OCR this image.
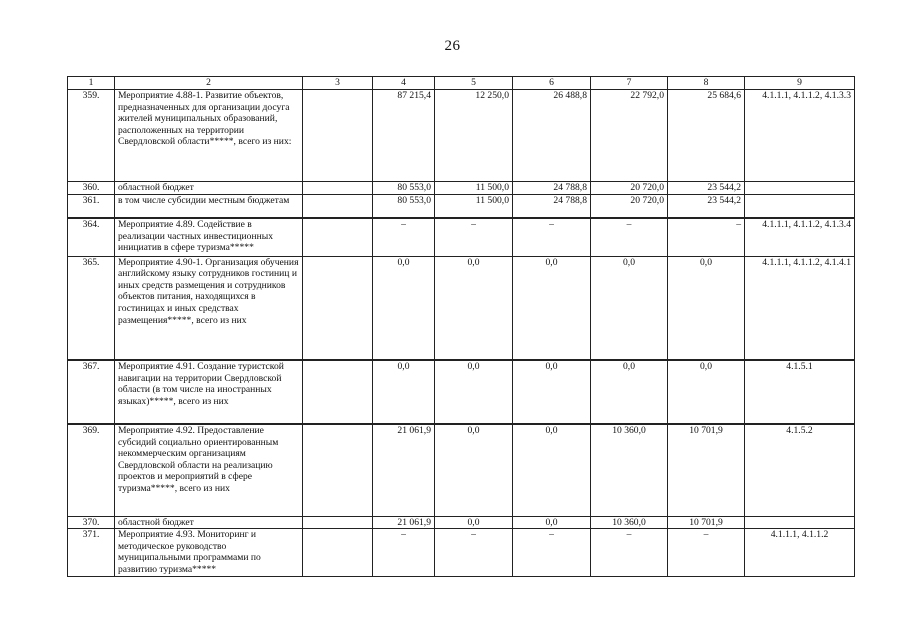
26
1	2	3	4	5	6	7	8	9
359.	Мероприятие 4.88-1. Развитие объектов, предназначенных для организации досуга жителей муниципальных образований, расположенных на территории Свердловской области*****, всего из них:		87 215,4	12 250,0	26 488,8	22 792,0	25 684,6	4.1.1.1, 4.1.1.2, 4.1.3.3
360.	областной бюджет		80 553,0	11 500,0	24 788,8	20 720,0	23 544,2	
361.	в том числе субсидии местным бюджетам		80 553,0	11 500,0	24 788,8	20 720,0	23 544,2	
364.	Мероприятие 4.89. Содействие в реализации частных инвестиционных инициатив в сфере туризма*****		–	–	–	–	–	4.1.1.1, 4.1.1.2, 4.1.3.4
365.	Мероприятие 4.90-1. Организация обучения английскому языку сотрудников гостиниц и иных средств размещения и сотрудников объектов питания, находящихся в гостиницах и иных средствах размещения*****, всего из них		0,0	0,0	0,0	0,0	0,0	4.1.1.1, 4.1.1.2, 4.1.4.1
367.	Мероприятие 4.91. Создание туристской навигации на территории Свердловской области (в том числе на иностранных языках)*****, всего из них		0,0	0,0	0,0	0,0	0,0	4.1.5.1
369.	Мероприятие 4.92. Предоставление субсидий социально ориентированным некоммерческим организациям Свердловской области на реализацию проектов и мероприятий в сфере туризма*****, всего из них		21 061,9	0,0	0,0	10 360,0	10 701,9	4.1.5.2
370.	областной бюджет		21 061,9	0,0	0,0	10 360,0	10 701,9	
371.	Мероприятие 4.93. Мониторинг и методическое руководство муниципальными программами по развитию туризма*****		–	–	–	–	–	4.1.1.1, 4.1.1.2
